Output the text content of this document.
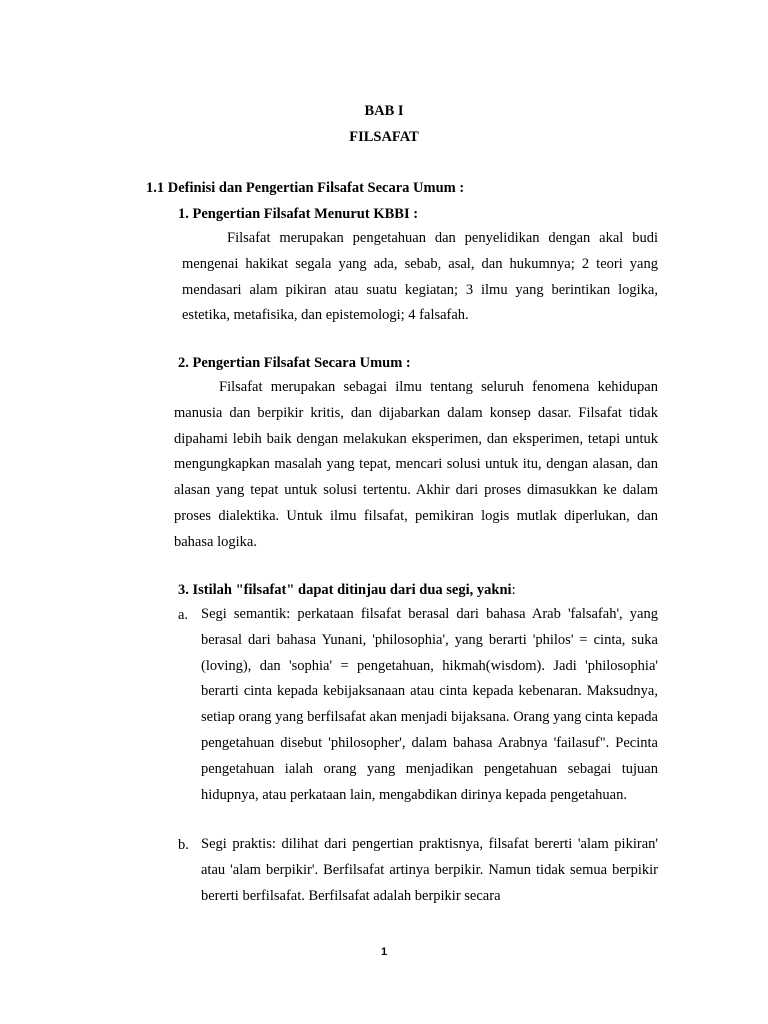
BAB I
FILSAFAT
1.1 Definisi dan Pengertian Filsafat Secara Umum :
1. Pengertian Filsafat Menurut KBBI :

Filsafat merupakan pengetahuan dan penyelidikan dengan akal budi mengenai hakikat segala yang ada, sebab, asal, dan hukumnya; 2 teori yang mendasari alam pikiran atau suatu kegiatan; 3 ilmu yang berintikan logika, estetika, metafisika, dan epistemologi; 4 falsafah.

2. Pengertian Filsafat Secara Umum :

Filsafat merupakan sebagai ilmu tentang seluruh fenomena kehidupan manusia dan berpikir kritis, dan dijabarkan dalam konsep dasar. Filsafat tidak dipahami lebih baik dengan melakukan eksperimen, dan eksperimen, tetapi untuk mengungkapkan masalah yang tepat, mencari solusi untuk itu, dengan alasan, dan alasan yang tepat untuk solusi tertentu. Akhir dari proses dimasukkan ke dalam proses dialektika. Untuk ilmu filsafat, pemikiran logis mutlak diperlukan, dan bahasa logika.

3. Istilah "filsafat" dapat ditinjau dari dua segi, yakni:
a. Segi semantik: perkataan filsafat berasal dari bahasa Arab 'falsafah', yang berasal dari bahasa Yunani, 'philosophia', yang berarti 'philos' = cinta, suka (loving), dan 'sophia' = pengetahuan, hikmah(wisdom). Jadi 'philosophia' berarti cinta kepada kebijaksanaan atau cinta kepada kebenaran. Maksudnya, setiap orang yang berfilsafat akan menjadi bijaksana. Orang yang cinta kepada pengetahuan disebut 'philosopher', dalam bahasa Arabnya 'failasuf". Pecinta pengetahuan ialah orang yang menjadikan pengetahuan sebagai tujuan hidupnya, atau perkataan lain, mengabdikan dirinya kepada pengetahuan.

b. Segi praktis: dilihat dari pengertian praktisnya, filsafat bererti 'alam pikiran' atau 'alam berpikir'. Berfilsafat artinya berpikir. Namun tidak semua berpikir bererti berfilsafat. Berfilsafat adalah berpikir secara

1
